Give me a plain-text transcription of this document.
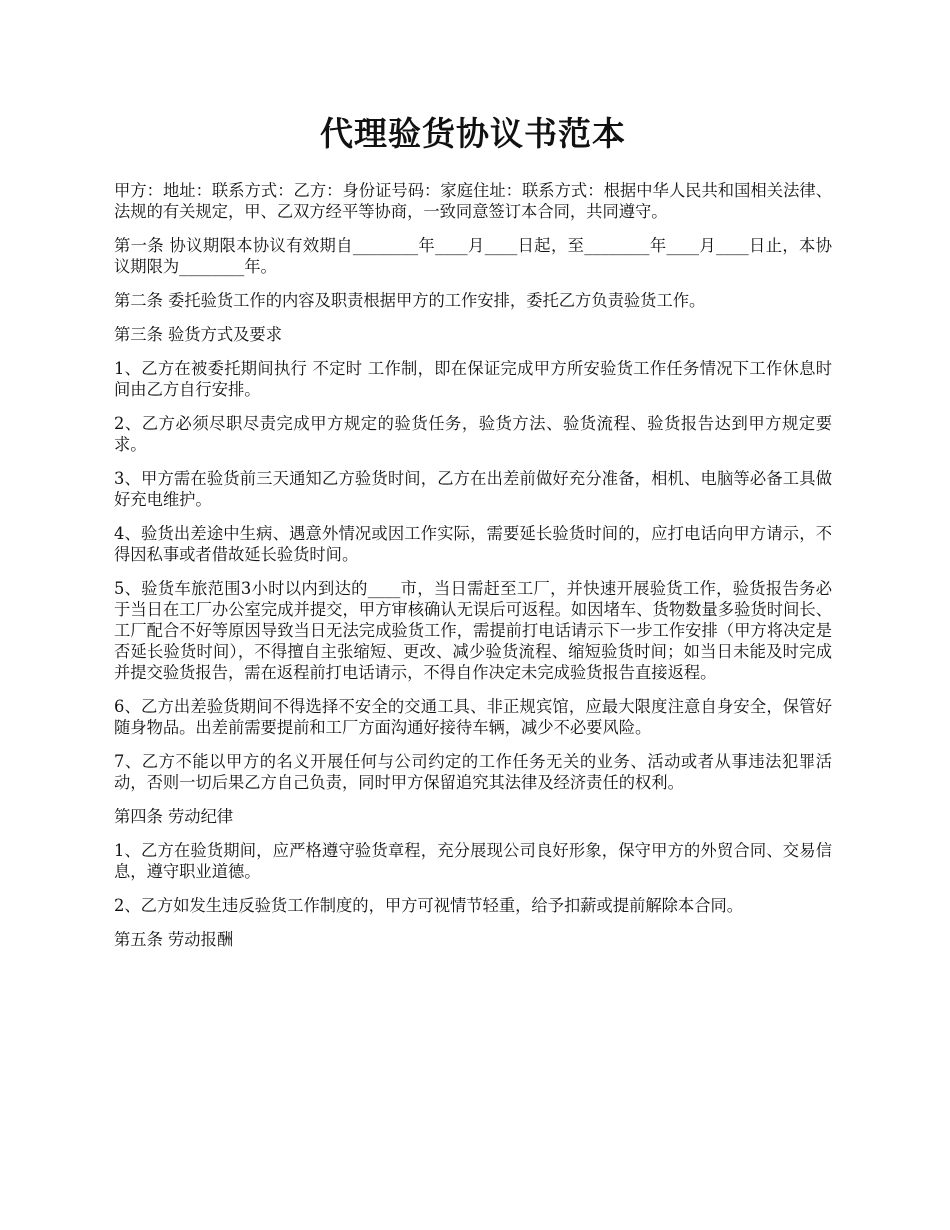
代理验货协议书范本

甲方：地址：联系方式：乙方：身份证号码：家庭住址：联系方式：根据中华人民共和国相关法律、法规的有关规定，甲、乙双方经平等协商，一致同意签订本合同，共同遵守。

第一条 协议期限本协议有效期自________年____月____日起，至________年____月____日止，本协议期限为________年。

第二条 委托验货工作的内容及职责根据甲方的工作安排，委托乙方负责验货工作。

第三条 验货方式及要求

1、乙方在被委托期间执行 不定时 工作制，即在保证完成甲方所安验货工作任务情况下工作休息时间由乙方自行安排。

2、乙方必须尽职尽责完成甲方规定的验货任务，验货方法、验货流程、验货报告达到甲方规定要求。

3、甲方需在验货前三天通知乙方验货时间，乙方在出差前做好充分准备，相机、电脑等必备工具做好充电维护。

4、验货出差途中生病、遇意外情况或因工作实际，需要延长验货时间的，应打电话向甲方请示，不得因私事或者借故延长验货时间。

5、验货车旅范围3小时以内到达的____市，当日需赶至工厂，并快速开展验货工作，验货报告务必于当日在工厂办公室完成并提交，甲方审核确认无误后可返程。如因堵车、货物数量多验货时间长、工厂配合不好等原因导致当日无法完成验货工作，需提前打电话请示下一步工作安排（甲方将决定是否延长验货时间），不得擅自主张缩短、更改、减少验货流程、缩短验货时间；如当日未能及时完成并提交验货报告，需在返程前打电话请示，不得自作决定未完成验货报告直接返程。

6、乙方出差验货期间不得选择不安全的交通工具、非正规宾馆，应最大限度注意自身安全，保管好随身物品。出差前需要提前和工厂方面沟通好接待车辆，减少不必要风险。

7、乙方不能以甲方的名义开展任何与公司约定的工作任务无关的业务、活动或者从事违法犯罪活动，否则一切后果乙方自己负责，同时甲方保留追究其法律及经济责任的权利。

第四条 劳动纪律

1、乙方在验货期间，应严格遵守验货章程，充分展现公司良好形象，保守甲方的外贸合同、交易信息，遵守职业道德。

2、乙方如发生违反验货工作制度的，甲方可视情节轻重，给予扣薪或提前解除本合同。

第五条 劳动报酬
